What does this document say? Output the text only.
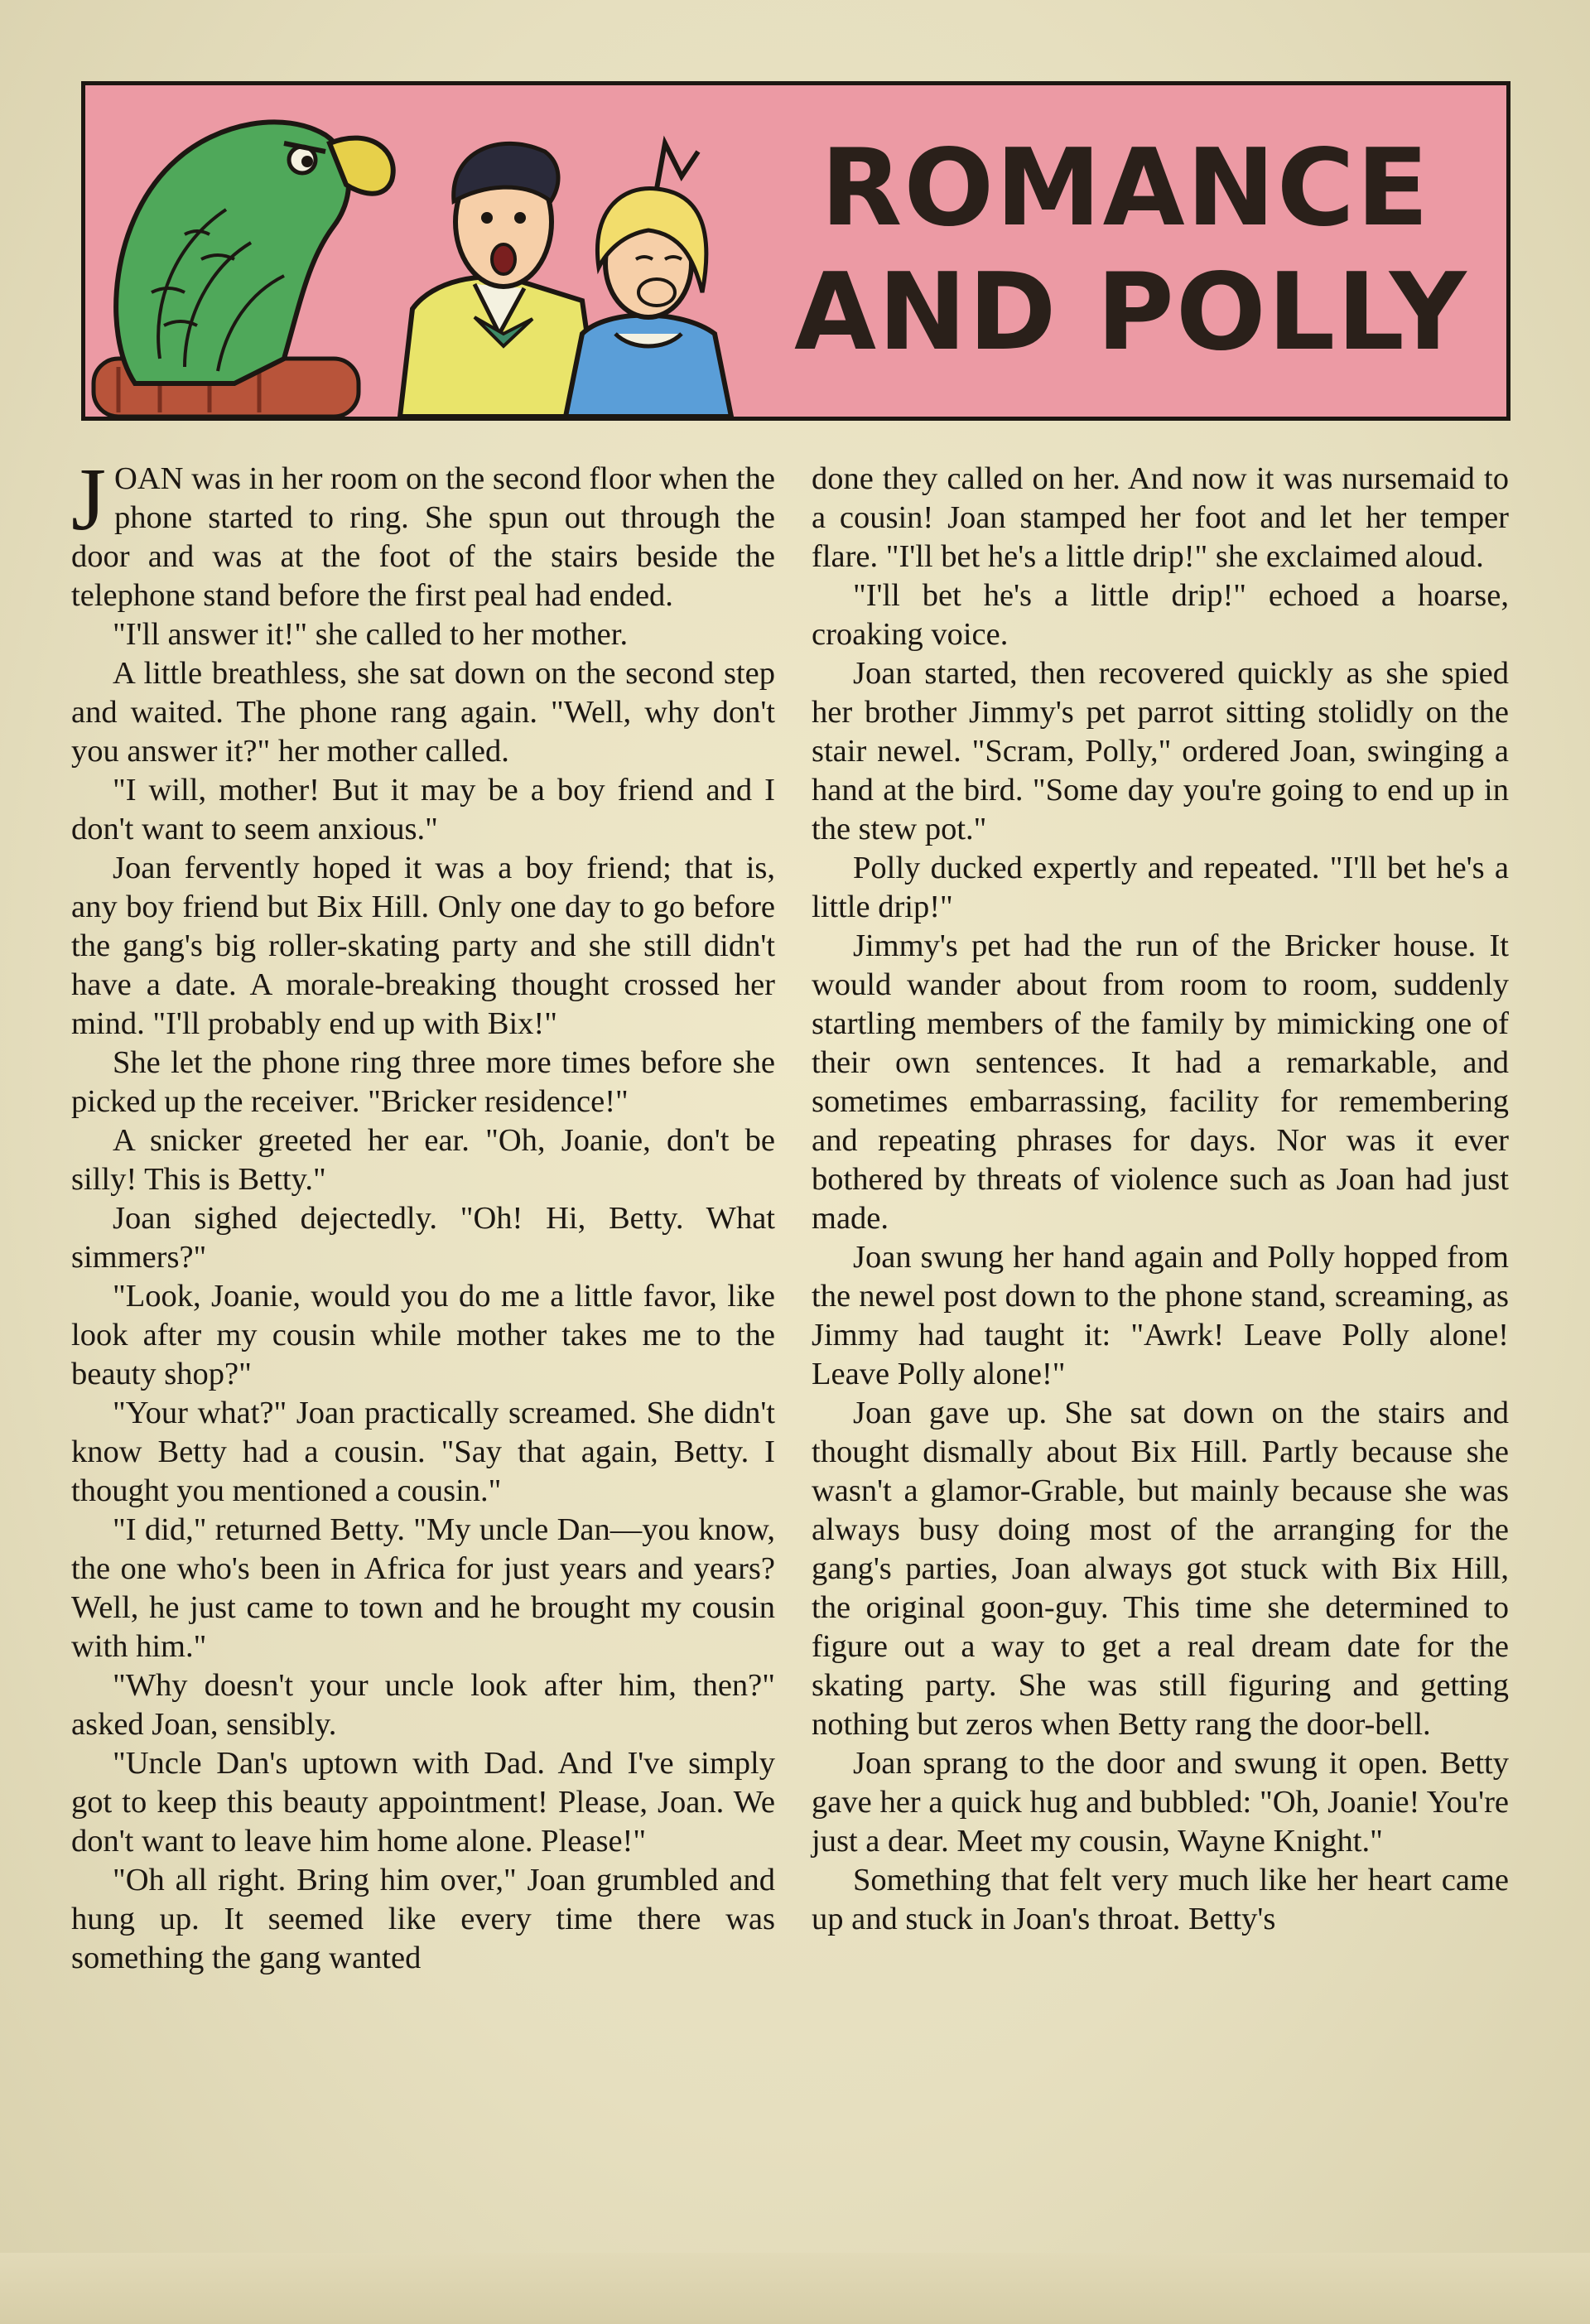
ROMANCE
AND POLLY

JOAN was in her room on the second floor when the phone started to ring. She spun out through the door and was at the foot of the stairs beside the telephone stand before the first peal had ended.

"I'll answer it!" she called to her mother.

A little breathless, she sat down on the second step and waited. The phone rang again. "Well, why don't you answer it?" her mother called.

"I will, mother! But it may be a boy friend and I don't want to seem anxious."

Joan fervently hoped it was a boy friend; that is, any boy friend but Bix Hill. Only one day to go before the gang's big roller-skating party and she still didn't have a date. A morale-breaking thought crossed her mind. "I'll probably end up with Bix!"

She let the phone ring three more times before she picked up the receiver. "Bricker residence!"

A snicker greeted her ear. "Oh, Joanie, don't be silly! This is Betty."

Joan sighed dejectedly. "Oh! Hi, Betty. What simmers?"

"Look, Joanie, would you do me a little favor, like look after my cousin while mother takes me to the beauty shop?"

"Your what?" Joan practically screamed. She didn't know Betty had a cousin. "Say that again, Betty. I thought you mentioned a cousin."

"I did," returned Betty. "My uncle Dan—you know, the one who's been in Africa for just years and years? Well, he just came to town and he brought my cousin with him."

"Why doesn't your uncle look after him, then?" asked Joan, sensibly.

"Uncle Dan's uptown with Dad. And I've simply got to keep this beauty appointment! Please, Joan. We don't want to leave him home alone. Please!"

"Oh all right. Bring him over," Joan grumbled and hung up. It seemed like every time there was something the gang wanted

done they called on her. And now it was nursemaid to a cousin! Joan stamped her foot and let her temper flare. "I'll bet he's a little drip!" she exclaimed aloud.

"I'll bet he's a little drip!" echoed a hoarse, croaking voice.

Joan started, then recovered quickly as she spied her brother Jimmy's pet parrot sitting stolidly on the stair newel. "Scram, Polly," ordered Joan, swinging a hand at the bird. "Some day you're going to end up in the stew pot."

Polly ducked expertly and repeated. "I'll bet he's a little drip!"

Jimmy's pet had the run of the Bricker house. It would wander about from room to room, suddenly startling members of the family by mimicking one of their own sentences. It had a remarkable, and sometimes embarrassing, facility for remembering and repeating phrases for days. Nor was it ever bothered by threats of violence such as Joan had just made.

Joan swung her hand again and Polly hopped from the newel post down to the phone stand, screaming, as Jimmy had taught it: "Awrk! Leave Polly alone! Leave Polly alone!"

Joan gave up. She sat down on the stairs and thought dismally about Bix Hill. Partly because she wasn't a glamor-Grable, but mainly because she was always busy doing most of the arranging for the gang's parties, Joan always got stuck with Bix Hill, the original goon-guy. This time she determined to figure out a way to get a real dream date for the skating party. She was still figuring and getting nothing but zeros when Betty rang the door-bell.

Joan sprang to the door and swung it open. Betty gave her a quick hug and bubbled: "Oh, Joanie! You're just a dear. Meet my cousin, Wayne Knight."

Something that felt very much like her heart came up and stuck in Joan's throat. Betty's
